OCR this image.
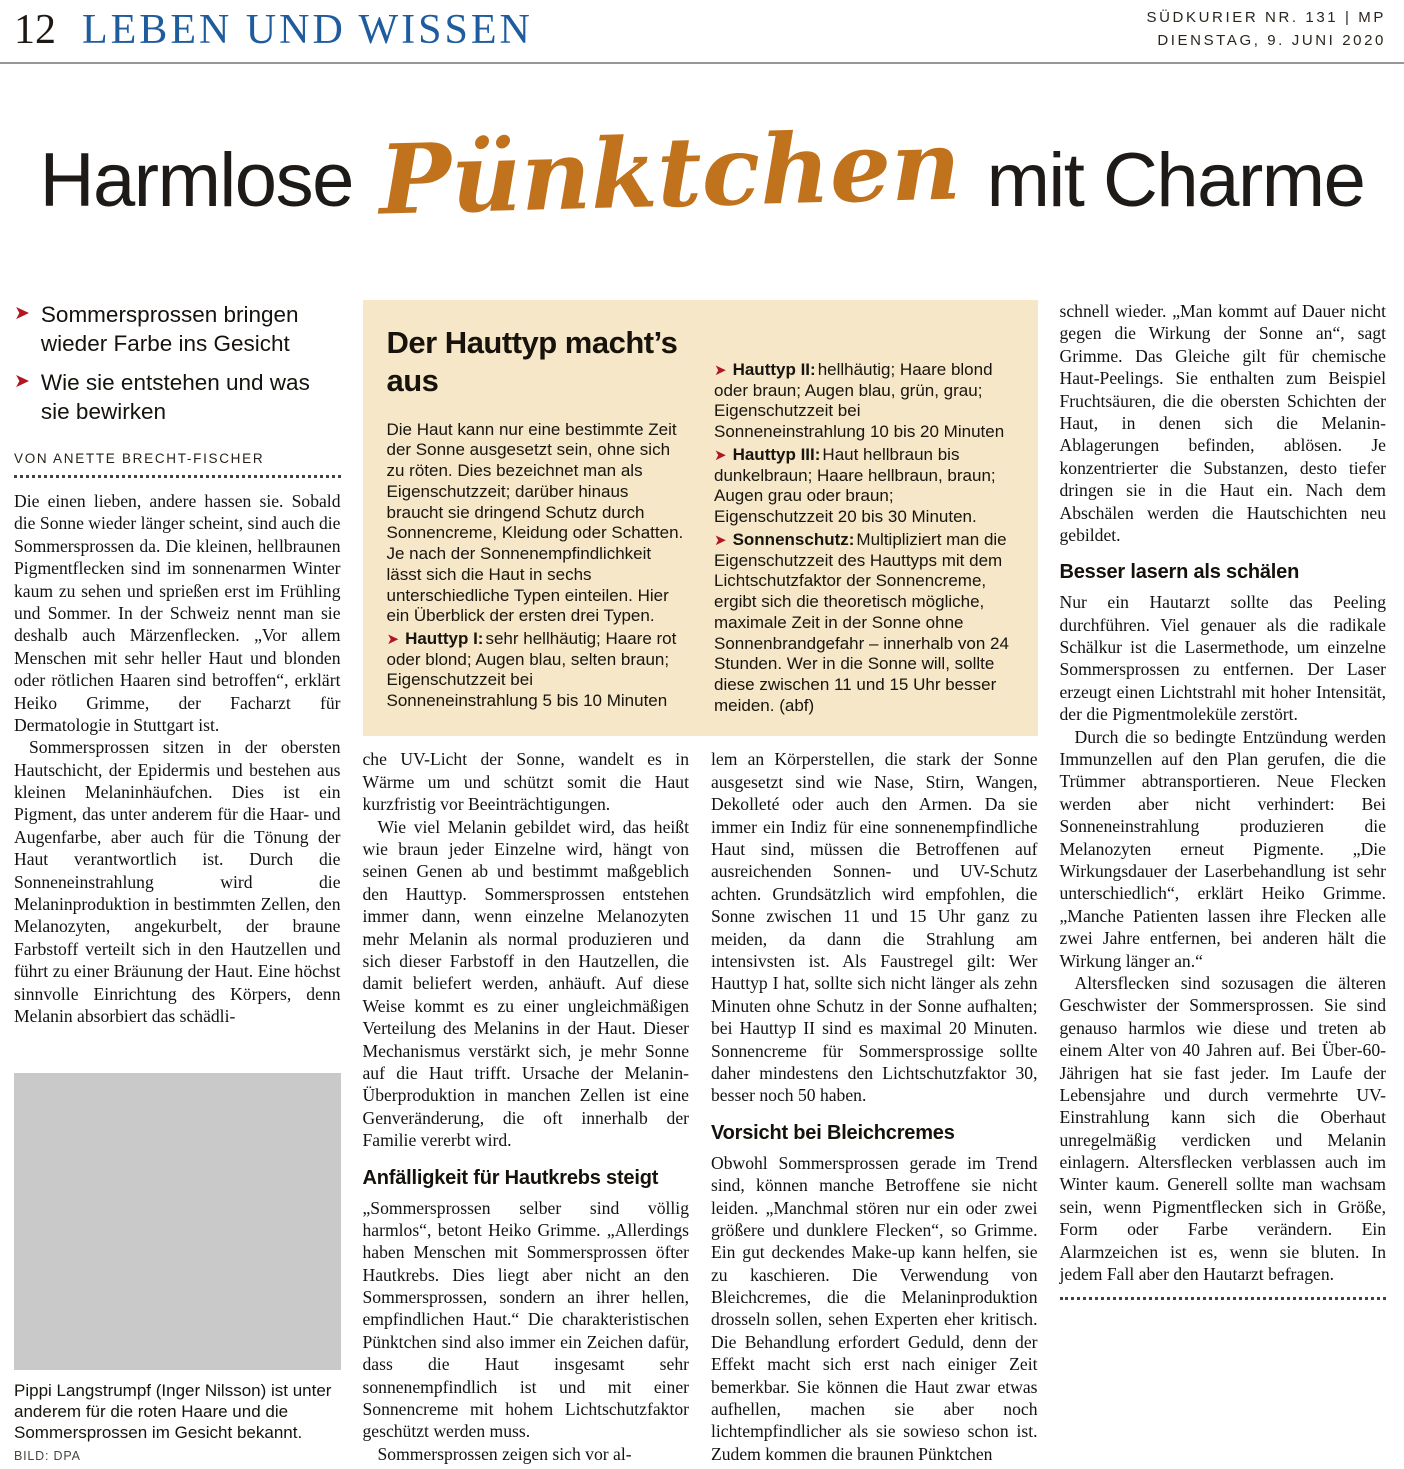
12 LEBEN UND WISSEN	SÜDKURIER NR. 131 | MP
DIENSTAG, 9. JUNI 2020
Harmlose Pünktchen mit Charme
➤ Sommersprossen bringen wieder Farbe ins Gesicht
➤ Wie sie entstehen und was sie bewirken
VON ANETTE BRECHT-FISCHER

Die einen lieben, andere hassen sie. Sobald die Sonne wieder länger scheint, sind auch die Sommersprossen da. Die kleinen, hellbraunen Pigmentflecken sind im sonnenarmen Winter kaum zu sehen und sprießen erst im Frühling und Sommer. In der Schweiz nennt man sie deshalb auch Märzenflecken. „Vor allem Menschen mit sehr heller Haut und blonden oder rötlichen Haaren sind betroffen“, erklärt Heiko Grimme, der Facharzt für Dermatologie in Stuttgart ist.

Sommersprossen sitzen in der obersten Hautschicht, der Epidermis und bestehen aus kleinen Melaninhäufchen. Dies ist ein Pigment, das unter anderem für die Haar- und Augenfarbe, aber auch für die Tönung der Haut verantwortlich ist. Durch die Sonneneinstrahlung wird die Melaninproduktion in bestimmten Zellen, den Melanozyten, angekurbelt, der braune Farbstoff verteilt sich in den Hautzellen und führt zu einer Bräunung der Haut. Eine höchst sinnvolle Einrichtung des Körpers, denn Melanin absorbiert das schädli-

Pippi Langstrumpf (Inger Nilsson) ist unter anderem für die roten Haare und die Sommersprossen im Gesicht bekannt. BILD: DPA
Der Hauttyp macht’s aus

Die Haut kann nur eine bestimmte Zeit der Sonne ausgesetzt sein, ohne sich zu röten. Dies bezeichnet man als Eigenschutzzeit; darüber hinaus braucht sie dringend Schutz durch Sonnencreme, Kleidung oder Schatten. Je nach der Sonnenempfindlichkeit lässt sich die Haut in sechs unterschiedliche Typen einteilen. Hier ein Überblick der ersten drei Typen.

➤ Hauttyp I: sehr hellhäutig; Haare rot oder blond; Augen blau, selten braun; Eigenschutzzeit bei Sonneneinstrahlung 5 bis 10 Minuten

➤ Hauttyp II: hellhäutig; Haare blond oder braun; Augen blau, grün, grau; Eigenschutzzeit bei Sonneneinstrahlung 10 bis 20 Minuten

➤ Hauttyp III: Haut hellbraun bis dunkelbraun; Haare hellbraun, braun; Augen grau oder braun; Eigenschutzzeit 20 bis 30 Minuten.

➤ Sonnenschutz: Multipliziert man die Eigenschutzzeit des Hauttyps mit dem Lichtschutzfaktor der Sonnencreme, ergibt sich die theoretisch mögliche, maximale Zeit in der Sonne ohne Sonnenbrandgefahr – innerhalb von 24 Stunden. Wer in die Sonne will, sollte diese zwischen 11 und 15 Uhr besser meiden. (abf)

che UV-Licht der Sonne, wandelt es in Wärme um und schützt somit die Haut kurzfristig vor Beeinträchtigungen.

Wie viel Melanin gebildet wird, das heißt wie braun jeder Einzelne wird, hängt von seinen Genen ab und bestimmt maßgeblich den Hauttyp. Sommersprossen entstehen immer dann, wenn einzelne Melanozyten mehr Melanin als normal produzieren und sich dieser Farbstoff in den Hautzellen, die damit beliefert werden, anhäuft. Auf diese Weise kommt es zu einer ungleichmäßigen Verteilung des Melanins in der Haut. Dieser Mechanismus verstärkt sich, je mehr Sonne auf die Haut trifft. Ursache der Melanin-Überproduktion in manchen Zellen ist eine Genveränderung, die oft innerhalb der Familie vererbt wird.

Anfälligkeit für Hautkrebs steigt

„Sommersprossen selber sind völlig harmlos“, betont Heiko Grimme. „Allerdings haben Menschen mit Sommersprossen öfter Hautkrebs. Dies liegt aber nicht an den Sommersprossen, sondern an ihrer hellen, empfindlichen Haut.“ Die charakteristischen Pünktchen sind also immer ein Zeichen dafür, dass die Haut insgesamt sehr sonnenempfindlich ist und mit einer Sonnencreme mit hohem Lichtschutzfaktor geschützt werden muss.

Sommersprossen zeigen sich vor al-

lem an Körperstellen, die stark der Sonne ausgesetzt sind wie Nase, Stirn, Wangen, Dekolleté oder auch den Armen. Da sie immer ein Indiz für eine sonnenempfindliche Haut sind, müssen die Betroffenen auf ausreichenden Sonnen- und UV-Schutz achten. Grundsätzlich wird empfohlen, die Sonne zwischen 11 und 15 Uhr ganz zu meiden, da dann die Strahlung am intensivsten ist. Als Faustregel gilt: Wer Hauttyp I hat, sollte sich nicht länger als zehn Minuten ohne Schutz in der Sonne aufhalten; bei Hauttyp II sind es maximal 20 Minuten. Sonnencreme für Sommersprossige sollte daher mindestens den Lichtschutzfaktor 30, besser noch 50 haben.

Vorsicht bei Bleichcremes

Obwohl Sommersprossen gerade im Trend sind, können manche Betroffene sie nicht leiden. „Manchmal stören nur ein oder zwei größere und dunklere Flecken“, so Grimme. Ein gut deckendes Make-up kann helfen, sie zu kaschieren. Die Verwendung von Bleichcremes, die die Melaninproduktion drosseln sollen, sehen Experten eher kritisch. Die Behandlung erfordert Geduld, denn der Effekt macht sich erst nach einiger Zeit bemerkbar. Sie können die Haut zwar etwas aufhellen, machen sie aber noch lichtempfindlicher als sie sowieso schon ist. Zudem kommen die braunen Pünktchen

schnell wieder. „Man kommt auf Dauer nicht gegen die Wirkung der Sonne an“, sagt Grimme. Das Gleiche gilt für chemische Haut-Peelings. Sie enthalten zum Beispiel Fruchtsäuren, die die obersten Schichten der Haut, in denen sich die Melanin-Ablagerungen befinden, ablösen. Je konzentrierter die Substanzen, desto tiefer dringen sie in die Haut ein. Nach dem Abschälen werden die Hautschichten neu gebildet.

Besser lasern als schälen

Nur ein Hautarzt sollte das Peeling durchführen. Viel genauer als die radikale Schälkur ist die Lasermethode, um einzelne Sommersprossen zu entfernen. Der Laser erzeugt einen Lichtstrahl mit hoher Intensität, der die Pigmentmoleküle zerstört.

Durch die so bedingte Entzündung werden Immunzellen auf den Plan gerufen, die die Trümmer abtransportieren. Neue Flecken werden aber nicht verhindert: Bei Sonneneinstrahlung produzieren die Melanozyten erneut Pigmente. „Die Wirkungsdauer der Laserbehandlung ist sehr unterschiedlich“, erklärt Heiko Grimme. „Manche Patienten lassen ihre Flecken alle zwei Jahre entfernen, bei anderen hält die Wirkung länger an.“

Altersflecken sind sozusagen die älteren Geschwister der Sommersprossen. Sie sind genauso harmlos wie diese und treten ab einem Alter von 40 Jahren auf. Bei Über-60-Jährigen hat sie fast jeder. Im Laufe der Lebensjahre und durch vermehrte UV-Einstrahlung kann sich die Oberhaut unregelmäßig verdicken und Melanin einlagern. Altersflecken verblassen auch im Winter kaum. Generell sollte man wachsam sein, wenn Pigmentflecken sich in Größe, Form oder Farbe verändern. Ein Alarmzeichen ist es, wenn sie bluten. In jedem Fall aber den Hautarzt befragen.
